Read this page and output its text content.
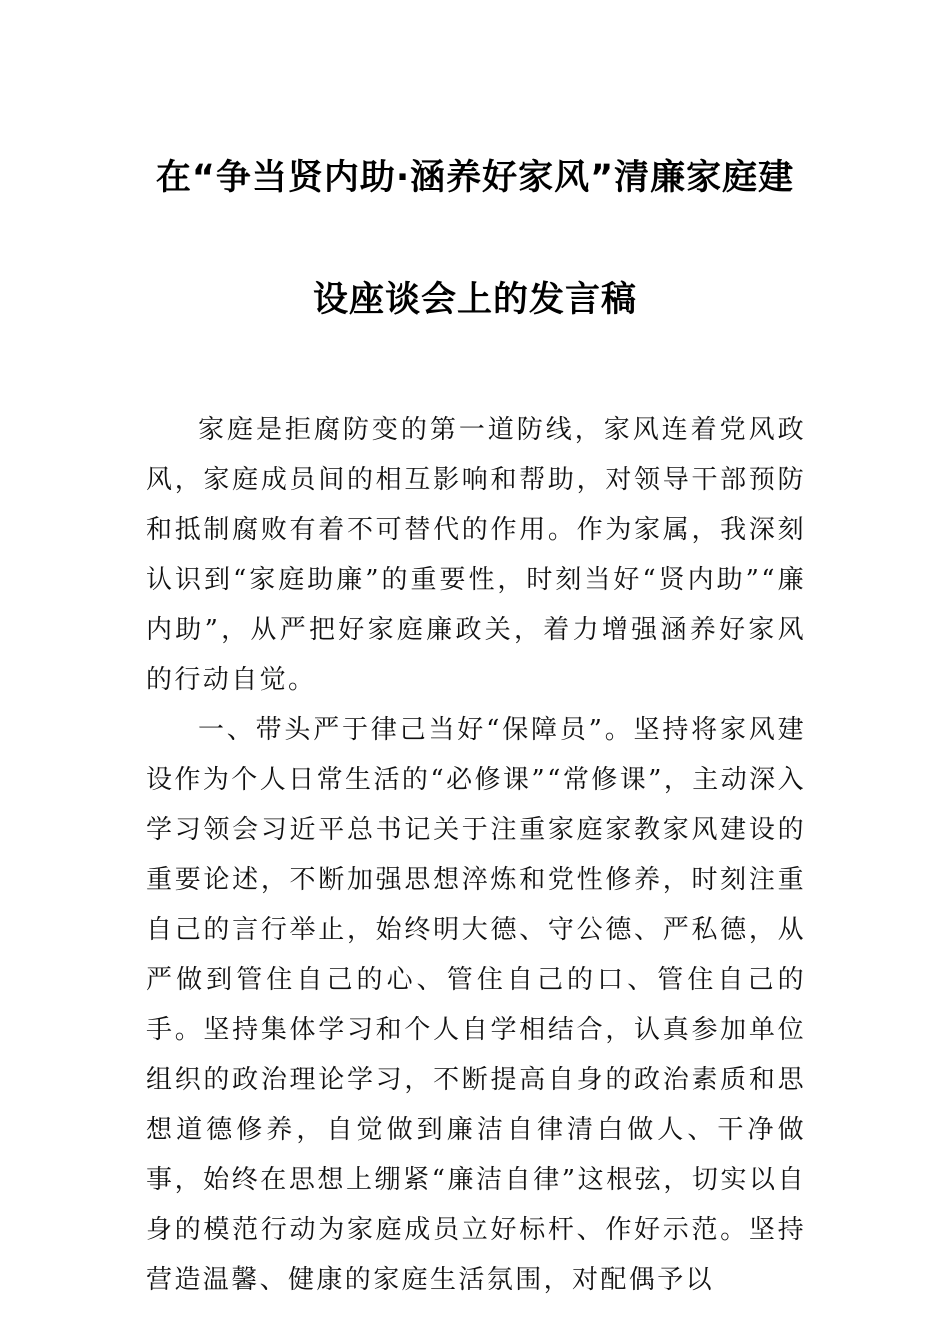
在“争当贤内助·涵养好家风”清廉家庭建
设座谈会上的发言稿

家庭是拒腐防变的第一道防线，家风连着党风政风，家庭成员间的相互影响和帮助，对领导干部预防和抵制腐败有着不可替代的作用。作为家属，我深刻认识到“家庭助廉”的重要性，时刻当好“贤内助”“廉内助”，从严把好家庭廉政关，着力增强涵养好家风的行动自觉。

一、带头严于律己当好“保障员”。坚持将家风建设作为个人日常生活的“必修课”“常修课”，主动深入学习领会习近平总书记关于注重家庭家教家风建设的重要论述，不断加强思想淬炼和党性修养，时刻注重自己的言行举止，始终明大德、守公德、严私德，从严做到管住自己的心、管住自己的口、管住自己的手。坚持集体学习和个人自学相结合，认真参加单位组织的政治理论学习，不断提高自身的政治素质和思想道德修养，自觉做到廉洁自律清白做人、干净做事，始终在思想上绷紧“廉洁自律”这根弦，切实以自身的模范行动为家庭成员立好标杆、作好示范。坚持营造温馨、健康的家庭生活氛围，对配偶予以
